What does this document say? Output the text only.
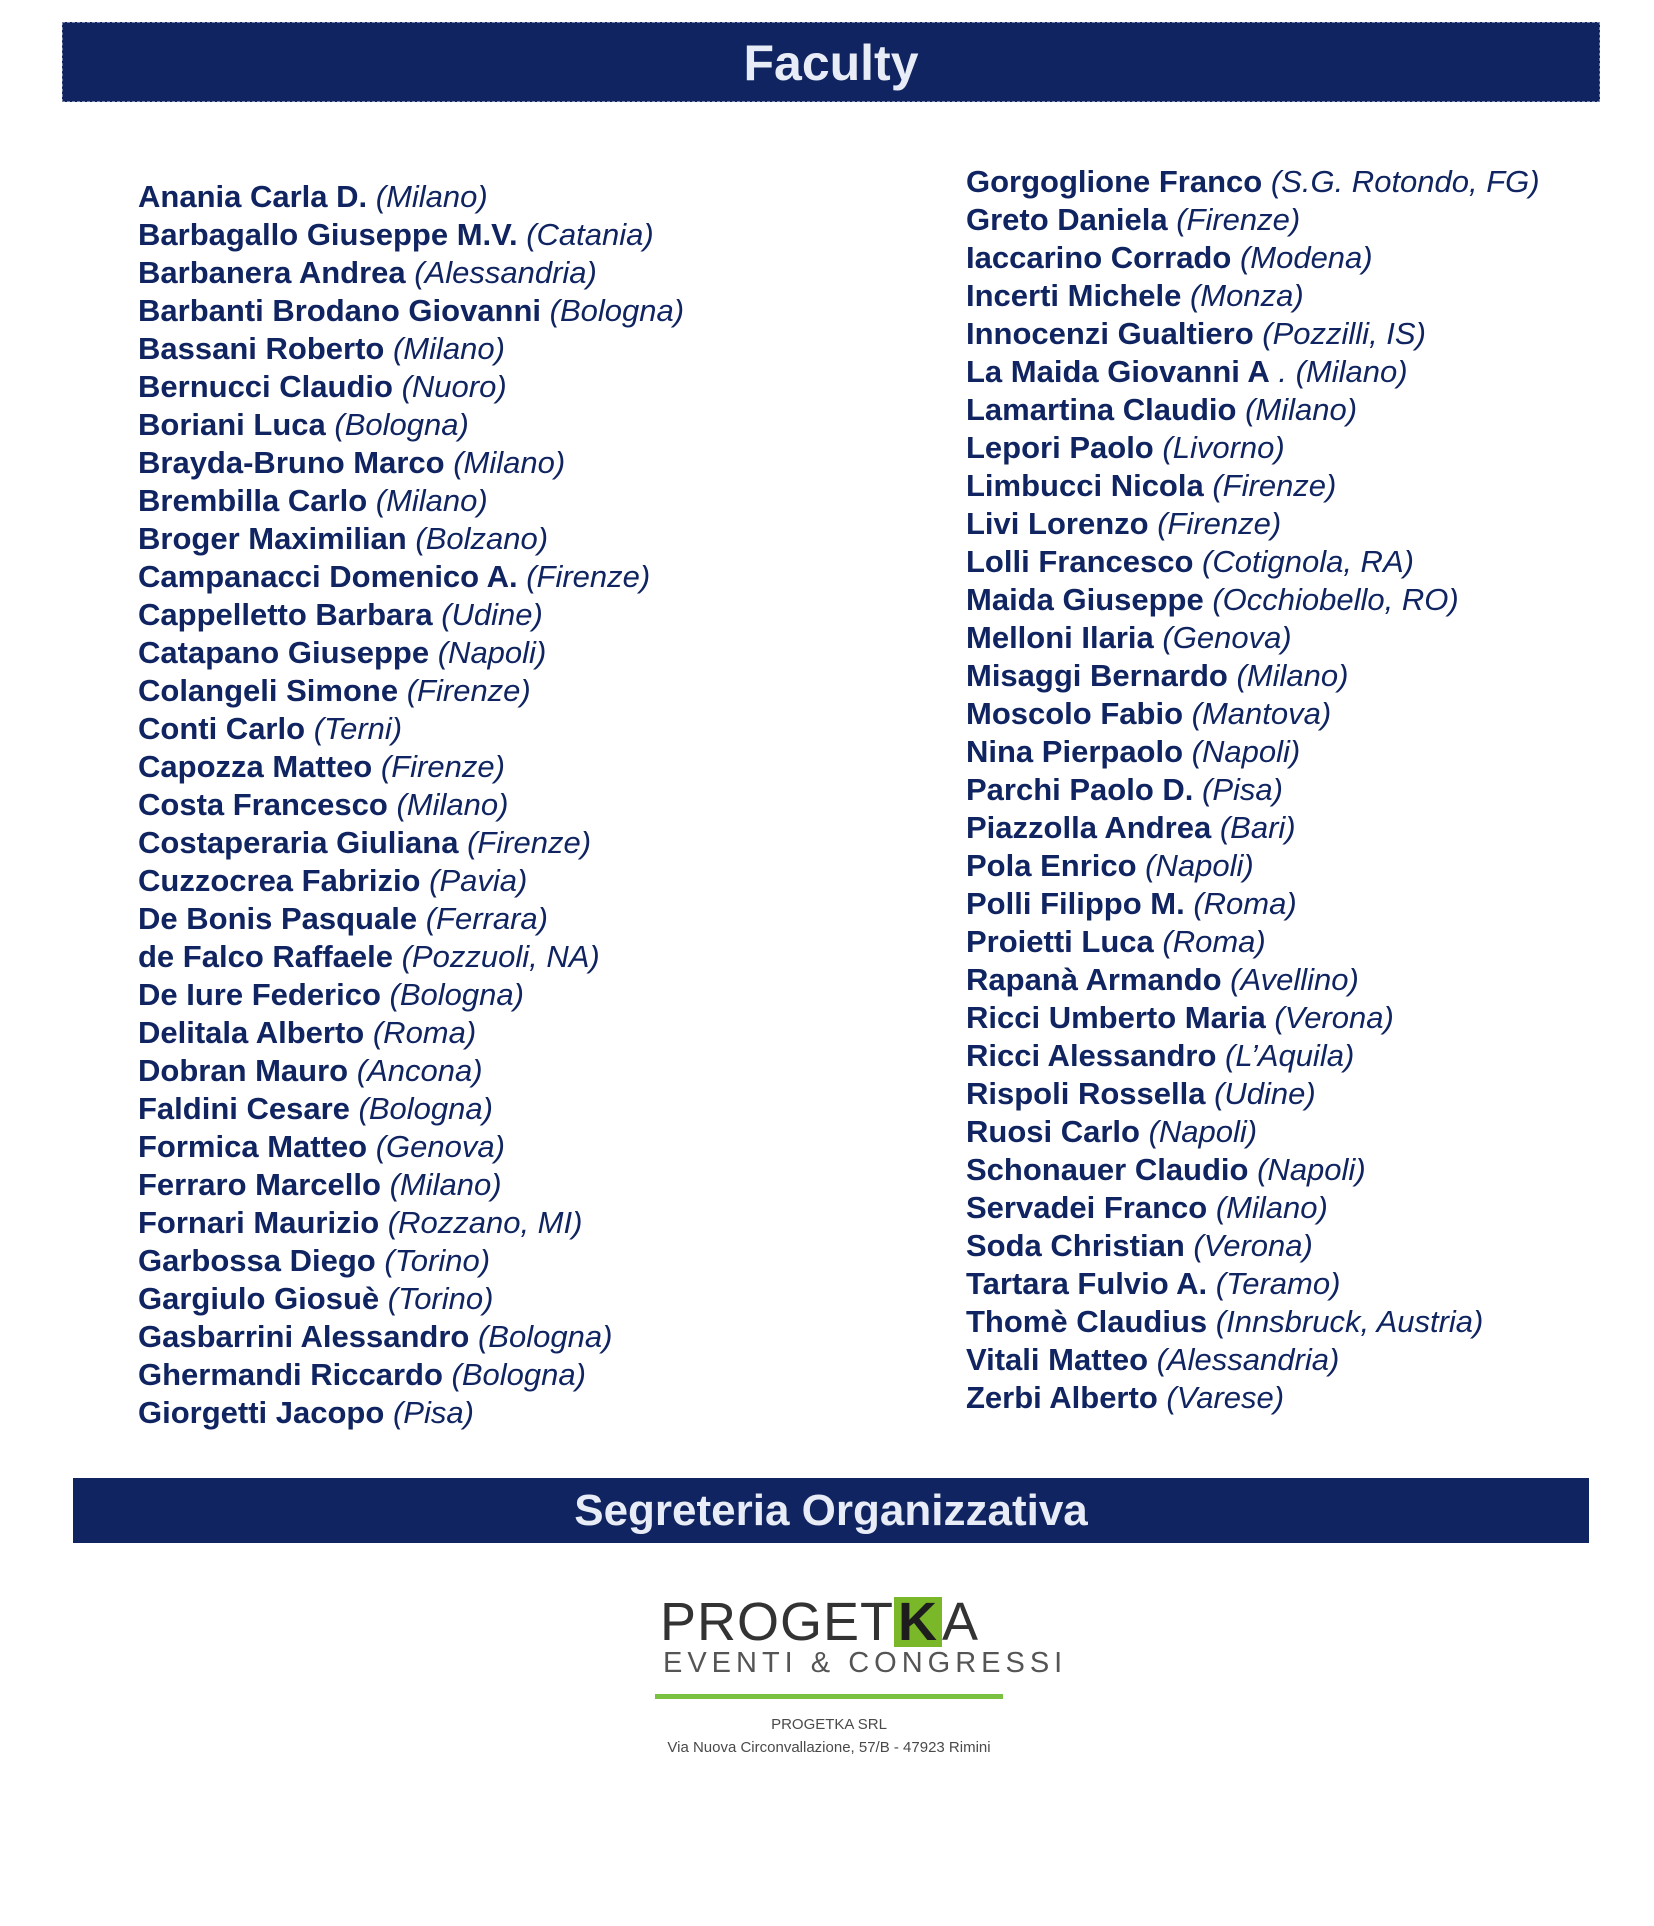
Faculty
Anania Carla D. (Milano)
Barbagallo Giuseppe M.V. (Catania)
Barbanera Andrea (Alessandria)
Barbanti Brodano Giovanni (Bologna)
Bassani Roberto (Milano)
Bernucci Claudio (Nuoro)
Boriani Luca (Bologna)
Brayda-Bruno Marco (Milano)
Brembilla Carlo (Milano)
Broger Maximilian (Bolzano)
Campanacci Domenico A. (Firenze)
Cappelletto Barbara (Udine)
Catapano Giuseppe (Napoli)
Colangeli Simone (Firenze)
Conti Carlo (Terni)
Capozza Matteo (Firenze)
Costa Francesco (Milano)
Costaperaria Giuliana (Firenze)
Cuzzocrea Fabrizio (Pavia)
De Bonis Pasquale (Ferrara)
de Falco Raffaele (Pozzuoli, NA)
De Iure Federico (Bologna)
Delitala Alberto (Roma)
Dobran Mauro (Ancona)
Faldini Cesare (Bologna)
Formica Matteo (Genova)
Ferraro Marcello (Milano)
Fornari Maurizio (Rozzano, MI)
Garbossa Diego (Torino)
Gargiulo Giosuè (Torino)
Gasbarrini Alessandro (Bologna)
Ghermandi Riccardo (Bologna)
Giorgetti Jacopo (Pisa)
Gorgoglione Franco (S.G. Rotondo, FG)
Greto Daniela (Firenze)
Iaccarino Corrado (Modena)
Incerti Michele (Monza)
Innocenzi Gualtiero (Pozzilli, IS)
La Maida Giovanni A . (Milano)
Lamartina Claudio (Milano)
Lepori Paolo (Livorno)
Limbucci Nicola (Firenze)
Livi Lorenzo (Firenze)
Lolli Francesco (Cotignola, RA)
Maida Giuseppe (Occhiobello, RO)
Melloni Ilaria (Genova)
Misaggi Bernardo (Milano)
Moscolo Fabio (Mantova)
Nina Pierpaolo (Napoli)
Parchi Paolo D. (Pisa)
Piazzolla Andrea (Bari)
Pola Enrico (Napoli)
Polli Filippo M. (Roma)
Proietti Luca (Roma)
Rapanà Armando (Avellino)
Ricci Umberto Maria (Verona)
Ricci Alessandro (L’Aquila)
Rispoli Rossella (Udine)
Ruosi Carlo (Napoli)
Schonauer Claudio (Napoli)
Servadei Franco (Milano)
Soda Christian (Verona)
Tartara Fulvio A. (Teramo)
Thomè Claudius (Innsbruck, Austria)
Vitali Matteo (Alessandria)
Zerbi Alberto (Varese)
Segreteria Organizzativa
PROGETKA
EVENTI & CONGRESSI
PROGETKA SRL
Via Nuova Circonvallazione, 57/B - 47923 Rimini
